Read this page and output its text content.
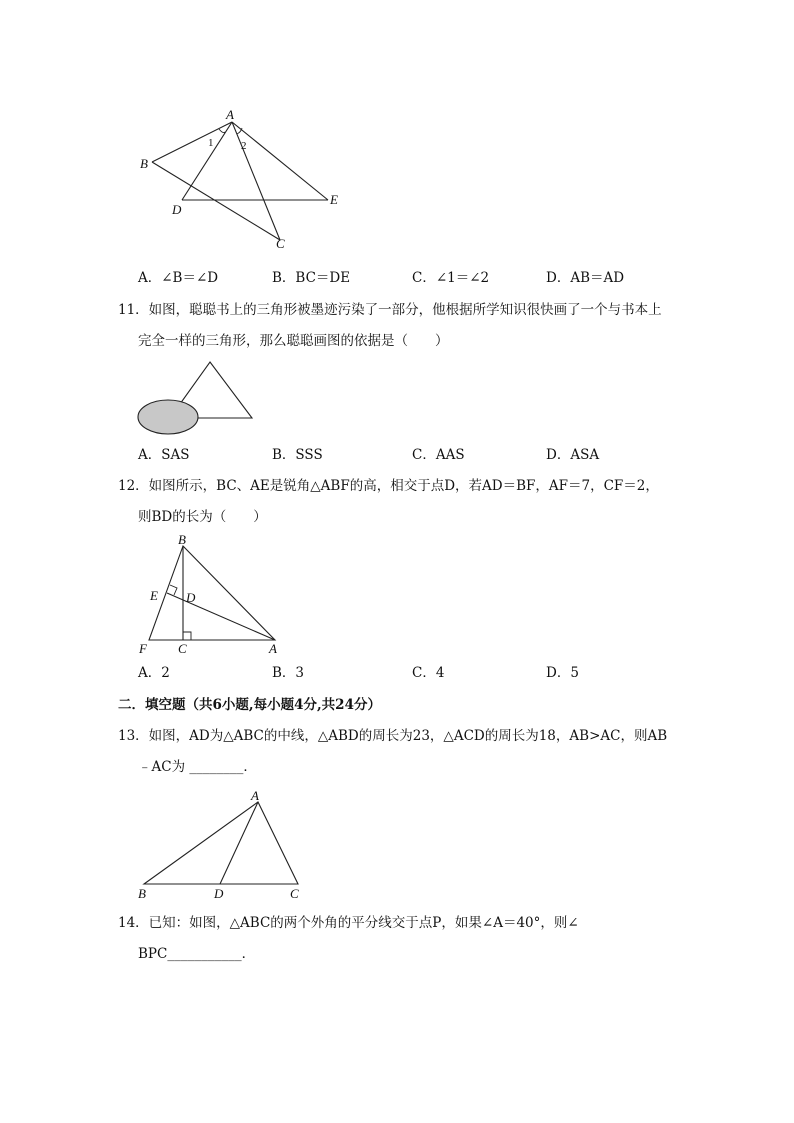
A
B
D
C
E
1	2
A．∠B＝∠D	B．BC＝DE	C．∠1＝∠2	D．AB＝AD
11．如图，聪聪书上的三角形被墨迹污染了一部分，他根据所学知识很快画了一个与书本上
完全一样的三角形，那么聪聪画图的依据是（　　）
A．SAS	B．SSS	C．AAS	D．ASA
12．如图所示，BC、AE是锐角△ABF的高，相交于点D，若AD＝BF，AF＝7，CF＝2，
则BD的长为（　　）
B
E D
F C	A
A．2	B．3	C．4	D．5
二．填空题（共6小题,每小题4分,共24分）
13．如图，AD为△ABC的中线，△ABD的周长为23，△ACD的周长为18，AB>AC，则AB
﹣AC为 ________．
A
B	D	C
14．已知：如图，△ABC的两个外角的平分线交于点P，如果∠A＝40°，则∠
BPC___________．
